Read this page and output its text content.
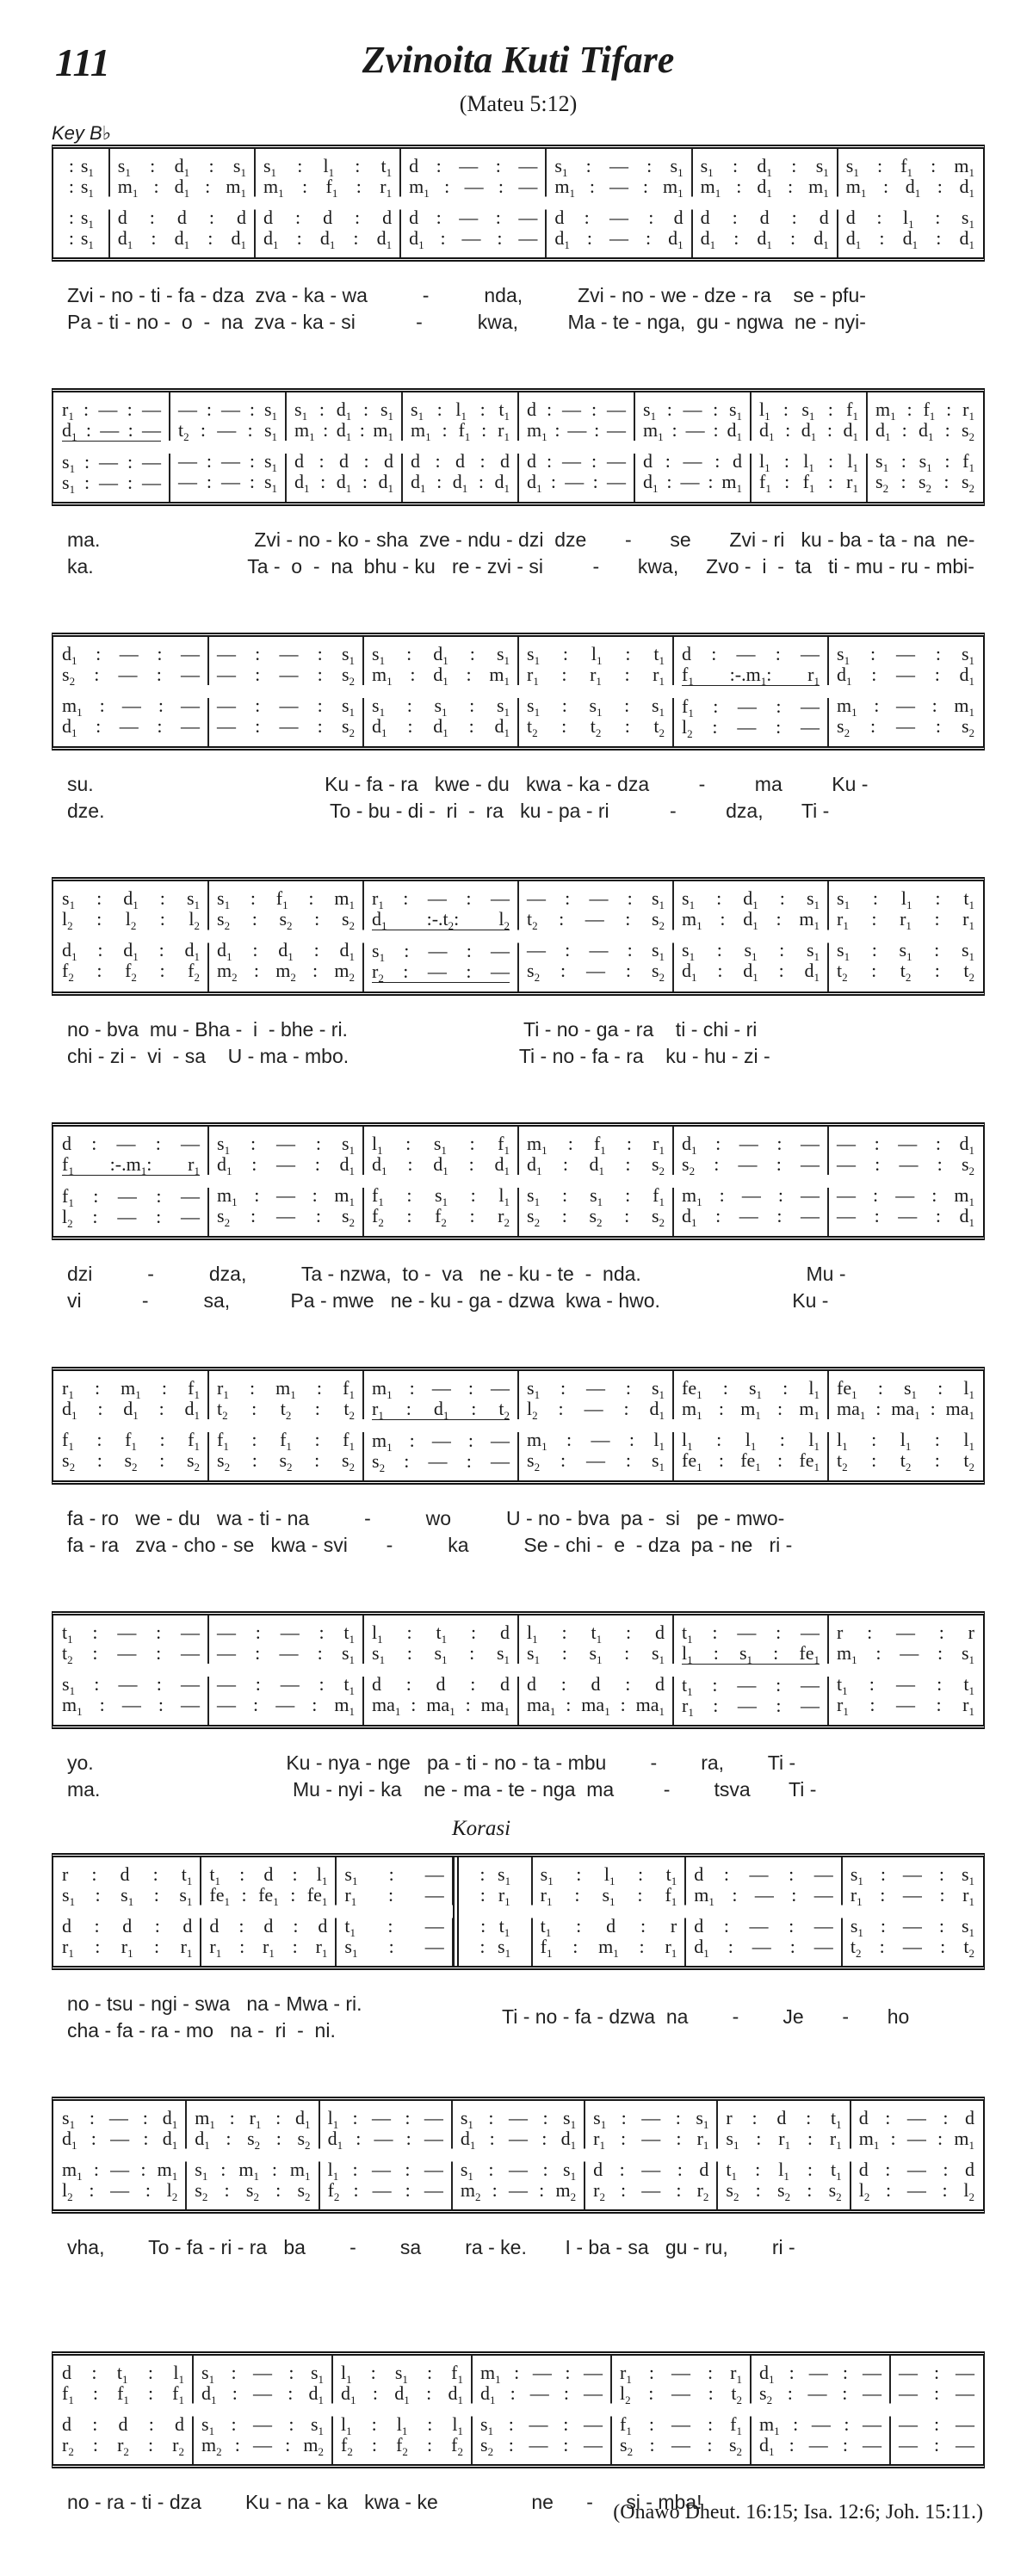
111	Zvinoita Kuti Tifare
(Mateu 5:12)
Key B♭
: $s_1$
: $s_1$
: $s_1$
: $s_1$
$s_1$ : $d_1$ : $s_1$
$m_1$ : $d_1$ : $m_1$
d : d : d
$d_1$ : $d_1$ : $d_1$
$s_1$ : $l_1$ : $t_1$
$m_1$ : $f_1$ : $r_1$
d : d : d
$d_1$ : $d_1$ : $d_1$
d : — : —
$m_1$ : — : —
d : — : —
$d_1$ : — : —
$s_1$ : — : $s_1$
$m_1$ : — : $m_1$
d : — : d
$d_1$ : — : $d_1$
$s_1$ : $d_1$ : $s_1$
$m_1$ : $d_1$ : $m_1$
d : d : d
$d_1$ : $d_1$ : $d_1$
$s_1$ : $f_1$ : $m_1$
$m_1$ : $d_1$ : $d_1$
d : $l_1$ : $s_1$
$d_1$ : $d_1$ : $d_1$
Zvi - no - ti - fa - dza  zva - ka - wa          -          nda,          Zvi - no - we - dze - ra    se - pfu-
Pa - ti - no -  o  -  na  zva - ka - si           -          kwa,         Ma - te - nga,  gu - ngwa  ne - nyi-
$r_1$ : — : —
$d_1$ : — : —
$s_1$ : — : —
$s_1$ : — : —
— : — : $s_1$
$t_2$ : — : $s_1$
— : — : $s_1$
— : — : $s_1$
$s_1$ : $d_1$ : $s_1$
$m_1$ : $d_1$ : $m_1$
d : d : d
$d_1$ : $d_1$ : $d_1$
$s_1$ : $l_1$ : $t_1$
$m_1$ : $f_1$ : $r_1$
d : d : d
$d_1$ : $d_1$ : $d_1$
d : — : —
$m_1$ : — : —
d : — : —
$d_1$ : — : —
$s_1$ : — : $s_1$
$m_1$ : — : $d_1$
d : — : d
$d_1$ : — : $m_1$
$l_1$ : $s_1$ : $f_1$
$d_1$ : $d_1$ : $d_1$
$l_1$ : $l_1$ : $l_1$
$f_1$ : $f_1$ : $r_1$
$m_1$ : $f_1$ : $r_1$
$d_1$ : $d_1$ : $s_2$
$s_1$ : $s_1$ : $f_1$
$s_2$ : $s_2$ : $s_2$
ma.                            Zvi - no - ko - sha  zve - ndu - dzi  dze       -       se       Zvi - ri   ku - ba - ta - na  ne-
ka.                            Ta -  o  -  na  bhu - ku   re - zvi - si         -       kwa,     Zvo -  i  -  ta   ti - mu - ru - mbi-
$d_1$ : — : —
$s_2$ : — : —
$m_1$ : — : —
$d_1$ : — : —
— : — : $s_1$
— : — : $s_2$
— : — : $s_1$
— : — : $s_2$
$s_1$ : $d_1$ : $s_1$
$m_1$ : $d_1$ : $m_1$
$s_1$ : $s_1$ : $s_1$
$d_1$ : $d_1$ : $d_1$
$s_1$ : $l_1$ : $t_1$
$r_1$ : $r_1$ : $r_1$
$s_1$ : $s_1$ : $s_1$
$t_2$ : $t_2$ : $t_2$
d : — : —
$f_1$ $:-.m_1$: $r_1$
$f_1$ : — : —
$l_2$ : — : —
$s_1$ : — : $s_1$
$d_1$ : — : $d_1$
$m_1$ : — : $m_1$
$s_2$ : — : $s_2$
su.                                          Ku - fa - ra   kwe - du   kwa - ka - dza         -         ma         Ku -
dze.                                         To - bu - di -  ri  -  ra   ku - pa - ri           -         dza,       Ti -
$s_1$ : $d_1$ : $s_1$
$l_2$ : $l_2$ : $l_2$
$d_1$ : $d_1$ : $d_1$
$f_2$ : $f_2$ : $f_2$
$s_1$ : $f_1$ : $m_1$
$s_2$ : $s_2$ : $s_2$
$d_1$ : $d_1$ : $d_1$
$m_2$ : $m_2$ : $m_2$
$r_1$ : — : —
$d_1$ $:-.t_2$: $l_2$
$s_1$ : — : —
$r_2$ : — : —
— : — : $s_1$
$t_2$ : — : $s_2$
— : — : $s_1$
$s_2$ : — : $s_2$
$s_1$ : $d_1$ : $s_1$
$m_1$ : $d_1$ : $m_1$
$s_1$ : $s_1$ : $s_1$
$d_1$ : $d_1$ : $d_1$
$s_1$ : $l_1$ : $t_1$
$r_1$ : $r_1$ : $r_1$
$s_1$ : $s_1$ : $s_1$
$t_2$ : $t_2$ : $t_2$
no - bva  mu - Bha -  i  - bhe - ri.                                Ti - no - ga - ra    ti - chi - ri
chi - zi -  vi  - sa    U - ma - mbo.                               Ti - no - fa - ra    ku - hu - zi -
d : — : —
$f_1$ $:-.m_1$: $r_1$
$f_1$ : — : —
$l_2$ : — : —
$s_1$ : — : $s_1$
$d_1$ : — : $d_1$
$m_1$ : — : $m_1$
$s_2$ : — : $s_2$
$l_1$ : $s_1$ : $f_1$
$d_1$ : $d_1$ : $d_1$
$f_1$ : $s_1$ : $l_1$
$f_2$ : $f_2$ : $r_2$
$m_1$ : $f_1$ : $r_1$
$d_1$ : $d_1$ : $s_2$
$s_1$ : $s_1$ : $f_1$
$s_2$ : $s_2$ : $s_2$
$d_1$ : — : —
$s_2$ : — : —
$m_1$ : — : —
$d_1$ : — : —
— : — : $d_1$
— : — : $s_2$
— : — : $m_1$
— : — : $d_1$
dzi          -          dza,          Ta - nzwa,  to -  va   ne - ku - te  -  nda.                              Mu -
vi           -          sa,           Pa - mwe   ne - ku - ga - dzwa  kwa - hwo.                        Ku -
$r_1$ : $m_1$ : $f_1$
$d_1$ : $d_1$ : $d_1$
$f_1$ : $f_1$ : $f_1$
$s_2$ : $s_2$ : $s_2$
$r_1$ : $m_1$ : $f_1$
$t_2$ : $t_2$ : $t_2$
$f_1$ : $f_1$ : $f_1$
$s_2$ : $s_2$ : $s_2$
$m_1$ : — : —
$r_1$ : $d_1$ : $t_2$
$m_1$ : — : —
$s_2$ : — : —
$s_1$ : — : $s_1$
$l_2$ : — : $d_1$
$m_1$ : — : $l_1$
$s_2$ : — : $s_1$
$fe_1$ : $s_1$ : $l_1$
$m_1$ : $m_1$ : $m_1$
$l_1$ : $l_1$ : $l_1$
$fe_1$ : $fe_1$ : $fe_1$
$fe_1$ : $s_1$ : $l_1$
$ma_1$ : $ma_1$ : $ma_1$
$l_1$ : $l_1$ : $l_1$
$t_2$ : $t_2$ : $t_2$
fa - ro   we - du   wa - ti - na          -          wo          U - no - bva  pa -  si   pe - mwo-
fa - ra   zva - cho - se   kwa - svi       -          ka          Se - chi -  e  - dza  pa - ne   ri -
$t_1$ : — : —
$t_2$ : — : —
$s_1$ : — : —
$m_1$ : — : —
— : — : $t_1$
— : — : $s_1$
— : — : $t_1$
— : — : $m_1$
$l_1$ : $t_1$ : d
$s_1$ : $s_1$ : $s_1$
d : d : d
$ma_1$ : $ma_1$ : $ma_1$
$l_1$ : $t_1$ : d
$s_1$ : $s_1$ : $s_1$
d : d : d
$ma_1$ : $ma_1$ : $ma_1$
$t_1$ : — : —
$l_1$ : $s_1$ : $fe_1$
$t_1$ : — : —
$r_1$ : — : —
r : — : r
$m_1$ : — : $s_1$
$t_1$ : — : $t_1$
$r_1$ : — : $r_1$
yo.                                   Ku - nya - nge   pa - ti - no - ta - mbu        -        ra,        Ti -
ma.                                   Mu - nyi - ka    ne - ma - te - nga  ma         -        tsva       Ti -
Korasi
r : d : $t_1$
$s_1$ : $s_1$ : $s_1$
d : d : d
$r_1$ : $r_1$ : $r_1$
$t_1$ : d : $l_1$
$fe_1$ : $fe_1$ : $fe_1$
d : d : d
$r_1$ : $r_1$ : $r_1$
$s_1$ : —
$r_1$ : —
$t_1$ : —
$s_1$ : —
: $s_1$
: $r_1$
: $t_1$
: $s_1$
$s_1$ : $l_1$ : $t_1$
$r_1$ : $s_1$ : $f_1$
$t_1$ : d : r
$f_1$ : $m_1$ : $r_1$
d : — : —
$m_1$ : — : —
d : — : —
$d_1$ : — : —
$s_1$ : — : $s_1$
$r_1$ : — : $r_1$
$s_1$ : — : $s_1$
$t_2$ : — : $t_2$
no - tsu - ngi - swa   na - Mwa - ri.
cha - fa - ra - mo   na -  ri  -  ni.
Ti - no - fa - dzwa  na        -        Je       -       ho
$s_1$ : — : $d_1$
$d_1$ : — : $d_1$
$m_1$ : — : $m_1$
$l_2$ : — : $l_2$
$m_1$ : $r_1$ : $d_1$
$d_1$ : $s_2$ : $s_2$
$s_1$ : $m_1$ : $m_1$
$s_2$ : $s_2$ : $s_2$
$l_1$ : — : —
$d_1$ : — : —
$l_1$ : — : —
$f_2$ : — : —
$s_1$ : — : $s_1$
$d_1$ : — : $d_1$
$s_1$ : — : $s_1$
$m_2$ : — : $m_2$
$s_1$ : — : $s_1$
$r_1$ : — : $r_1$
d : — : d
$r_2$ : — : $r_2$
r : d : $t_1$
$s_1$ : $r_1$ : $r_1$
$t_1$ : $l_1$ : $t_1$
$s_2$ : $s_2$ : $s_2$
d : — : d
$m_1$ : — : $m_1$
d : — : d
$l_2$ : — : $l_2$
vha,        To - fa - ri - ra   ba        -        sa        ra - ke.       I - ba - sa   gu - ru,        ri -
d : $t_1$ : $l_1$
$f_1$ : $f_1$ : $f_1$
d : d : d
$r_2$ : $r_2$ : $r_2$
$s_1$ : — : $s_1$
$d_1$ : — : $d_1$
$s_1$ : — : $s_1$
$m_2$ : — : $m_2$
$l_1$ : $s_1$ : $f_1$
$d_1$ : $d_1$ : $d_1$
$l_1$ : $l_1$ : $l_1$
$f_2$ : $f_2$ : $f_2$
$m_1$ : — : —
$d_1$ : — : —
$s_1$ : — : —
$s_2$ : — : —
$r_1$ : — : $r_1$
$l_2$ : — : $t_2$
$f_1$ : — : $f_1$
$s_2$ : — : $s_2$
$d_1$ : — : —
$s_2$ : — : —
$m_1$ : — : —
$d_1$ : — : —
— : —
— : —
— : —
— : —
no - ra - ti - dza        Ku - na - ka   kwa - ke                 ne      -      si - mba!
(Onawo Dheut. 16:15; Isa. 12:6; Joh. 15:11.)
